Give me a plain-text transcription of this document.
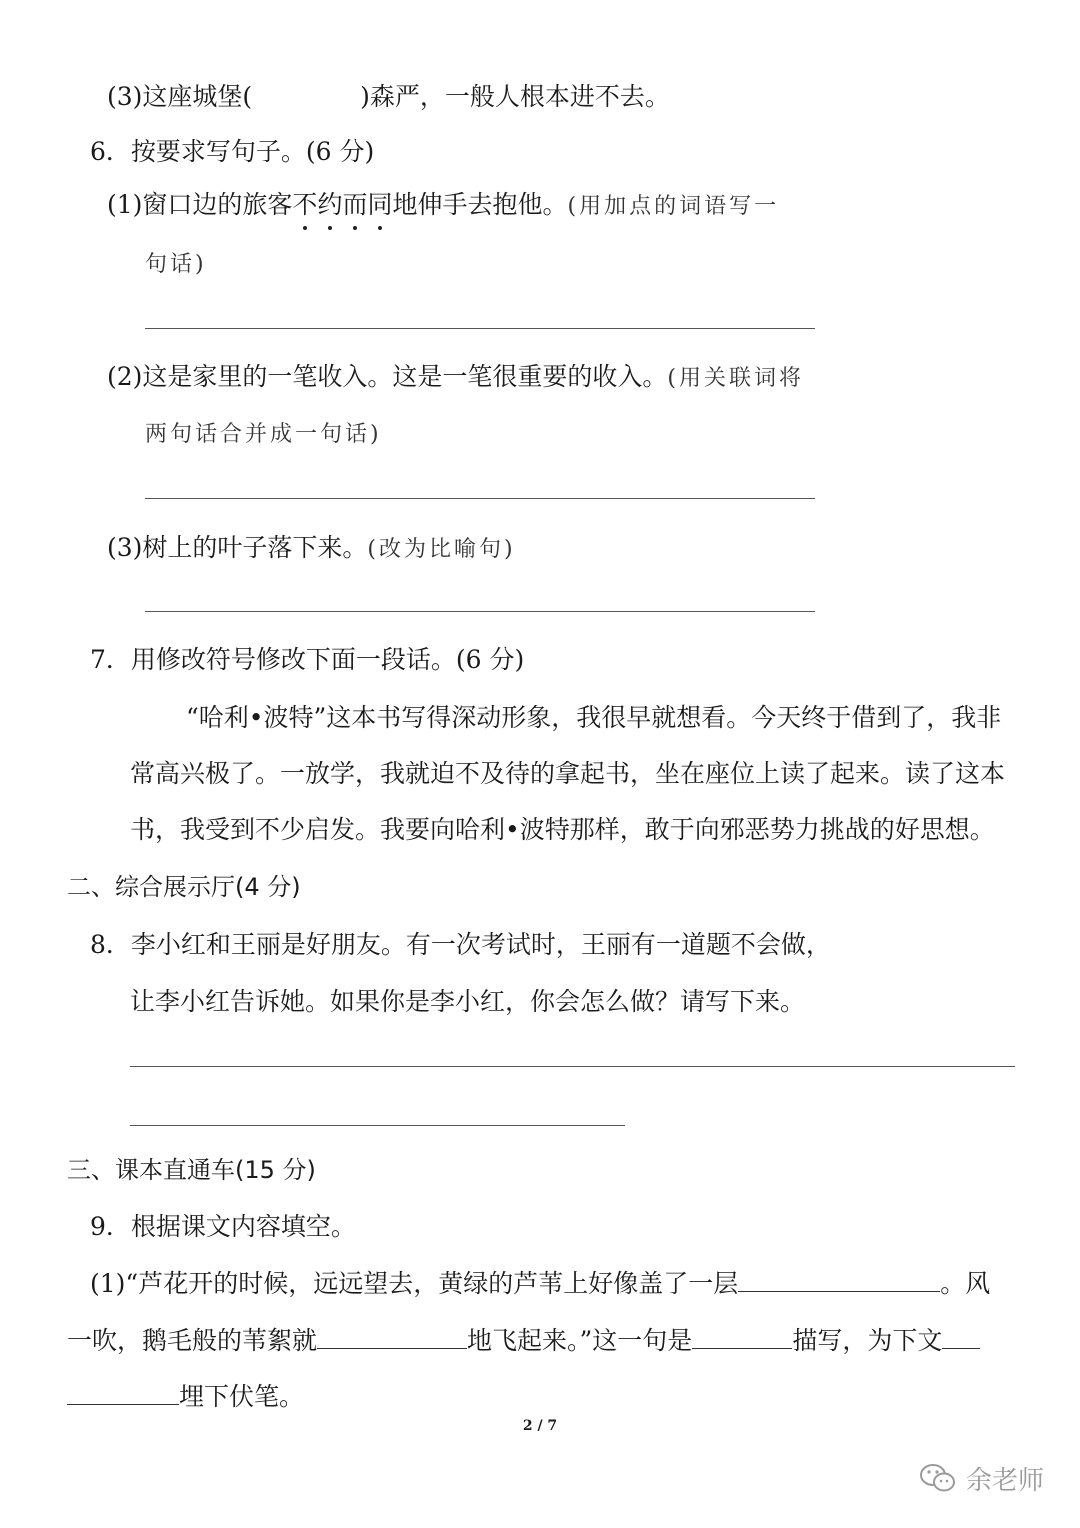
(3)这座城堡(	)森严，一般人根本进不去。
6．按要求写句子。(6 分)
(1)窗口边的旅客不约而同地伸手去抱他。(用加点的词语写一
句话)
(2)这是家里的一笔收入。这是一笔很重要的收入。(用关联词将
两句话合并成一句话)
(3)树上的叶子落下来。(改为比喻句)
7．用修改符号修改下面一段话。(6 分)
“哈利•波特”这本书写得深动形象，我很早就想看。今天终于借到了，我非
常高兴极了。一放学，我就迫不及待的拿起书，坐在座位上读了起来。读了这本
书，我受到不少启发。我要向哈利•波特那样，敢于向邪恶势力挑战的好思想。
二、综合展示厅(4 分)
8．李小红和王丽是好朋友。有一次考试时，王丽有一道题不会做，
让李小红告诉她。如果你是李小红，你会怎么做？请写下来。
三、课本直通车(15 分)
9．根据课文内容填空。
(1)“芦花开的时候，远远望去，黄绿的芦苇上好像盖了一层	。风
一吹，鹅毛般的苇絮就	地飞起来。”这一句是	描写，为下文
埋下伏笔。
2 / 7
余老师
